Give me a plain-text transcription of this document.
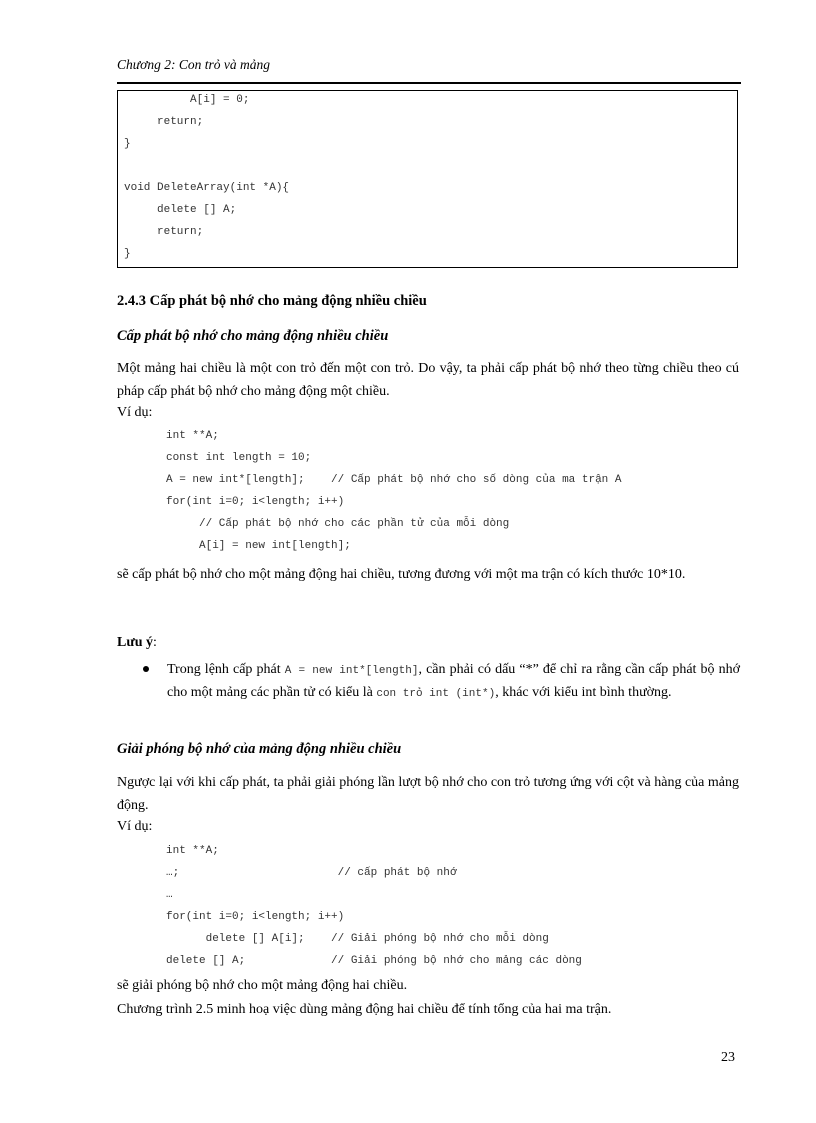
Chương 2: Con trỏ và mảng
A[i] = 0;
return;
}
void DeleteArray(int *A){
delete [] A;
return;
}
2.4.3 Cấp phát bộ nhớ cho mảng động nhiều chiều
Cấp phát bộ nhớ cho mảng động nhiều chiều
Một mảng hai chiều là một con trỏ đến một con trỏ. Do vậy, ta phải cấp phát bộ nhớ theo từng chiều theo cú pháp cấp phát bộ nhớ cho mảng động một chiều.
Ví dụ:
int **A;
const int length = 10;
A = new int*[length];    // Cấp phát bộ nhớ cho số dòng của ma trận A
for(int i=0; i<length; i++)
// Cấp phát bộ nhớ cho các phần tử của mỗi dòng
A[i] = new int[length];
sẽ cấp phát bộ nhớ cho một mảng động hai chiều, tương đương với một ma trận có kích thước 10*10.
Lưu ý:
Trong lệnh cấp phát A = new int*[length], cần phải có dấu “*” để chỉ ra rằng cần cấp phát bộ nhớ cho một mảng các phần tử có kiểu là con trỏ int (int*), khác với kiểu int bình thường.
Giải phóng bộ nhớ của mảng động nhiều chiều
Ngược lại với khi cấp phát, ta phải giải phóng lần lượt bộ nhớ cho con trỏ tương ứng với cột và hàng của mảng động.
Ví dụ:
int **A;
…;                        // cấp phát bộ nhớ
…
for(int i=0; i<length; i++)
delete [] A[i];    // Giải phóng bộ nhớ cho mỗi dòng
delete [] A;             // Giải phóng bộ nhớ cho mảng các dòng
sẽ giải phóng bộ nhớ cho một mảng động hai chiều.
Chương trình 2.5 minh hoạ việc dùng mảng động hai chiều để tính tổng của hai ma trận.
23
